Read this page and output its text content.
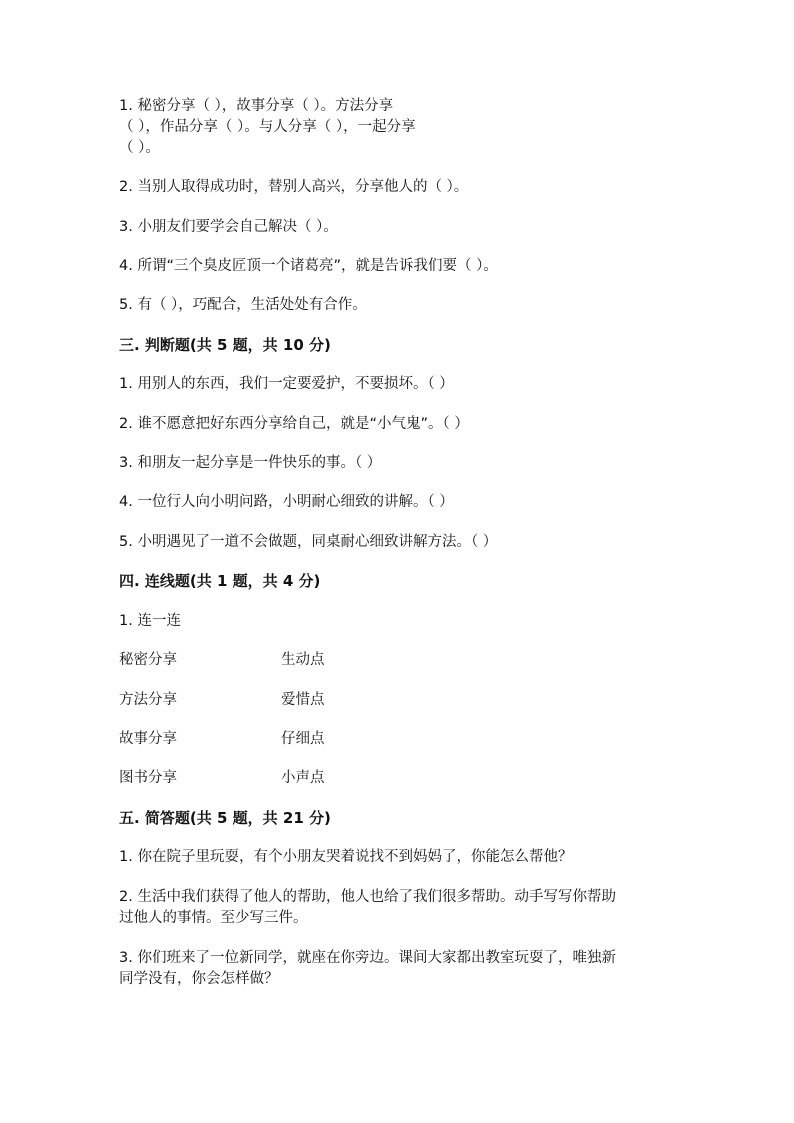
1. 秘密分享（ ），故事分享（ ）。方法分享
（ ），作品分享（ ）。与人分享（ ），一起分享
（ ）。
2. 当别人取得成功时，替别人高兴，分享他人的（ ）。
3. 小朋友们要学会自己解决（ ）。
4. 所谓“三个臭皮匠顶一个诸葛亮”，就是告诉我们要（ ）。
5. 有（ ），巧配合，生活处处有合作。
三. 判断题(共 5 题，共 10 分)
1. 用别人的东西，我们一定要爱护，不要损坏。（ ）
2. 谁不愿意把好东西分享给自己，就是“小气鬼”。（ ）
3. 和朋友一起分享是一件快乐的事。（ ）
4. 一位行人向小明问路，小明耐心细致的讲解。（ ）
5. 小明遇见了一道不会做题，同桌耐心细致讲解方法。（ ）
四. 连线题(共 1 题，共 4 分)
1. 连一连
秘密分享	生动点
方法分享	爱惜点
故事分享	仔细点
图书分享	小声点
五. 简答题(共 5 题，共 21 分)
1. 你在院子里玩耍，有个小朋友哭着说找不到妈妈了，你能怎么帮他？
2. 生活中我们获得了他人的帮助，他人也给了我们很多帮助。动手写写你帮助
过他人的事情。至少写三件。
3. 你们班来了一位新同学，就座在你旁边。课间大家都出教室玩耍了，唯独新
同学没有，你会怎样做？
